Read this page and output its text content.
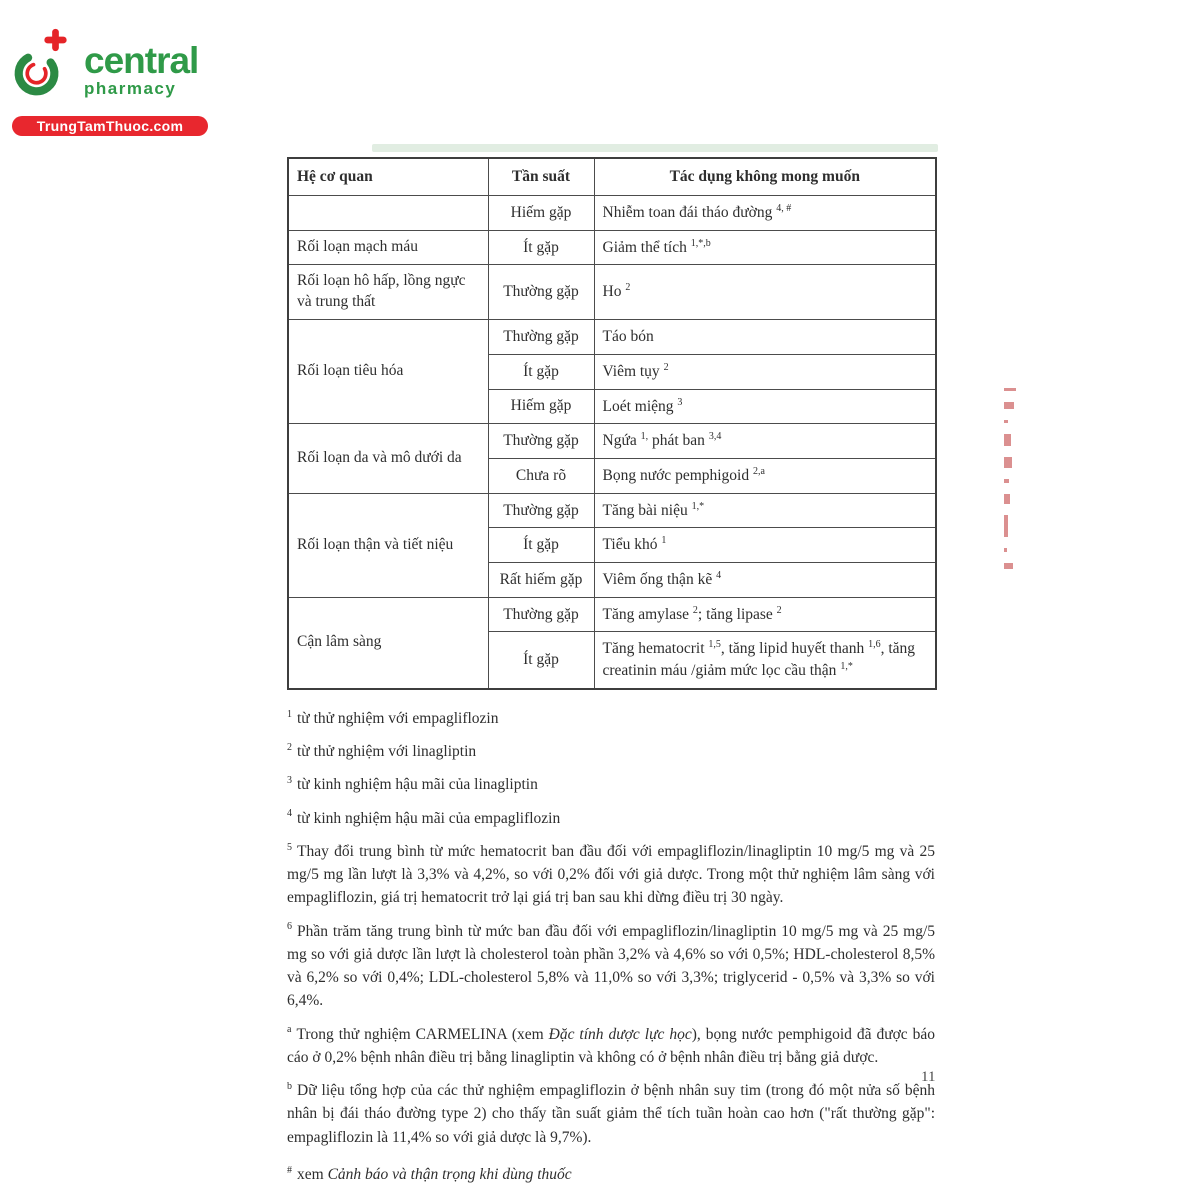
central
pharmacy
TrungTamThuoc.com
Hệ cơ quan	Tần suất	Tác dụng không mong muốn
	Hiếm gặp	Nhiễm toan đái tháo đường $^{4, \#}$
Rối loạn mạch máu	Ít gặp	Giảm thể tích $^{1,*,b}$
Rối loạn hô hấp, lồng ngực và trung thất	Thường gặp	Ho $^2$
Rối loạn tiêu hóa	Thường gặp	Táo bón
	Ít gặp	Viêm tụy $^2$
	Hiếm gặp	Loét miệng $^3$
Rối loạn da và mô dưới da	Thường gặp	Ngứa $^{1,}$ phát ban $^{3,4}$
	Chưa rõ	Bọng nước pemphigoid $^{2,a}$
Rối loạn thận và tiết niệu	Thường gặp	Tăng bài niệu $^{1,*}$
	Ít gặp	Tiểu khó $^1$
	Rất hiếm gặp	Viêm ống thận kẽ $^4$
Cận lâm sàng	Thường gặp	Tăng amylase $^2$; tăng lipase $^2$
	Ít gặp	Tăng hematocrit $^{1,5}$, tăng lipid huyết thanh $^{1,6}$, tăng creatinin máu /giảm mức lọc cầu thận $^{1,*}$
$^1$ từ thử nghiệm với empagliflozin
$^2$ từ thử nghiệm với linagliptin
$^3$ từ kinh nghiệm hậu mãi của linagliptin
$^4$ từ kinh nghiệm hậu mãi của empagliflozin
$^5$ Thay đổi trung bình từ mức hematocrit ban đầu đối với empagliflozin/linagliptin 10 mg/5 mg và 25 mg/5 mg lần lượt là 3,3% và 4,2%, so với 0,2% đối với giả dược. Trong một thử nghiệm lâm sàng với empagliflozin, giá trị hematocrit trở lại giá trị ban sau khi dừng điều trị 30 ngày.
$^6$ Phần trăm tăng trung bình từ mức ban đầu đối với empagliflozin/linagliptin 10 mg/5 mg và 25 mg/5 mg so với giả dược lần lượt là cholesterol toàn phần 3,2% và 4,6% so với 0,5%; HDL-cholesterol 8,5% và 6,2% so với 0,4%; LDL-cholesterol 5,8% và 11,0% so với 3,3%; triglycerid - 0,5% và 3,3% so với 6,4%.
$^a$ Trong thử nghiệm CARMELINA (xem Đặc tính dược lực học), bọng nước pemphigoid đã được báo cáo ở 0,2% bệnh nhân điều trị bằng linagliptin và không có ở bệnh nhân điều trị bằng giả dược.
$^b$ Dữ liệu tổng hợp của các thử nghiệm empagliflozin ở bệnh nhân suy tim (trong đó một nửa số bệnh nhân bị đái tháo đường type 2) cho thấy tần suất giảm thể tích tuần hoàn cao hơn ("rất thường gặp": empagliflozin là 11,4% so với giả dược là 9,7%).
# xem Cảnh báo và thận trọng khi dùng thuốc
11
